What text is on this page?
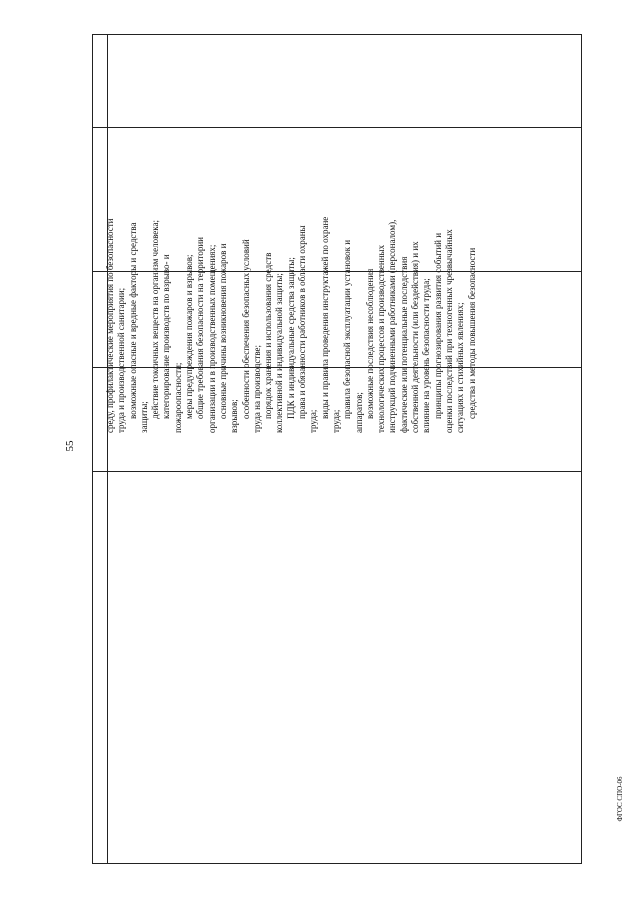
55
среду, профилактические мероприятия по безопасности труда и производственной санитарии; возможные опасные и вредные факторы и средства защиты; действие токсичных веществ на организм человека; категорирование производств по взрыво- и пожароопасности; меры предупреждения пожаров и взрывов; общие требования безопасности на территории организации и в производственных помещениях; основные причины возникновения пожаров и взрывов; особенности обеспечения безопасных условий труда на производстве; порядок хранения и использования средств коллективной и индивидуальной защиты; ПДК и индивидуальные средства защиты; права и обязанности работников в области охраны
труда;
виды и правила проведения инструктажей по охране
труда;
правила безопасной эксплуатации установок и аппаратов; возможные последствия несоблюдения технологических процессов и производственных инструкций подчиненными работниками (персоналом), фактические или потенциальные последствия собственной деятельности (или бездействия) и их влияние на уровень безопасности труда; принципы прогнозирования развития событий и оценки последствий при техногенных чрезвычайных ситуациях и стихийных явлениях; средства и методы повышения безопасности
ФГОС СПО-06
